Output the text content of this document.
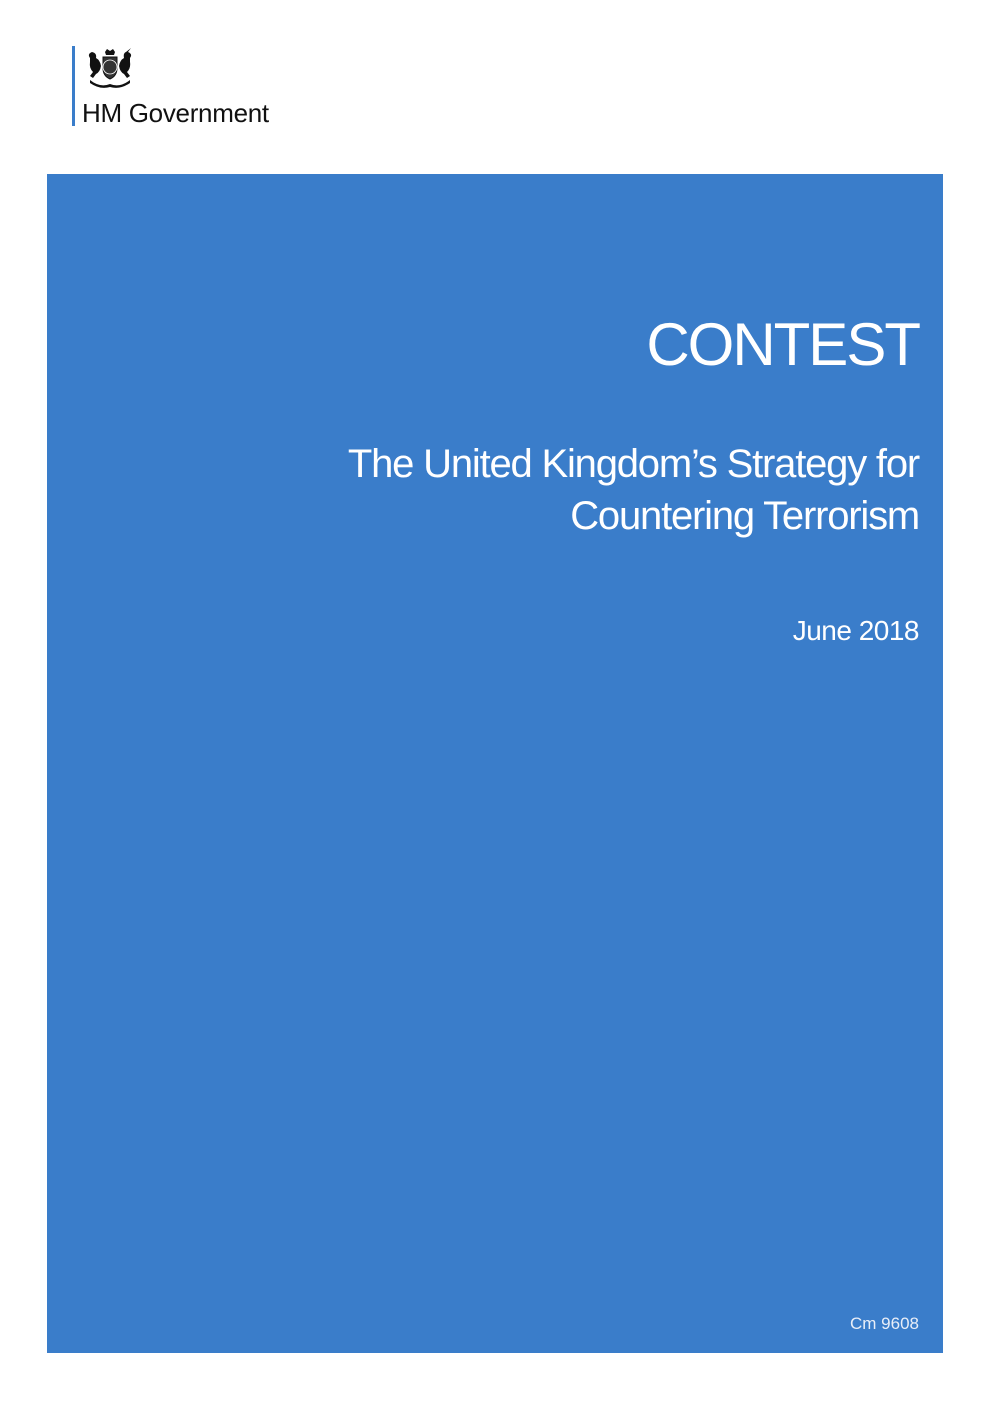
HM Government
CONTEST
The United Kingdom’s Strategy for
Countering Terrorism
June 2018
Cm 9608
